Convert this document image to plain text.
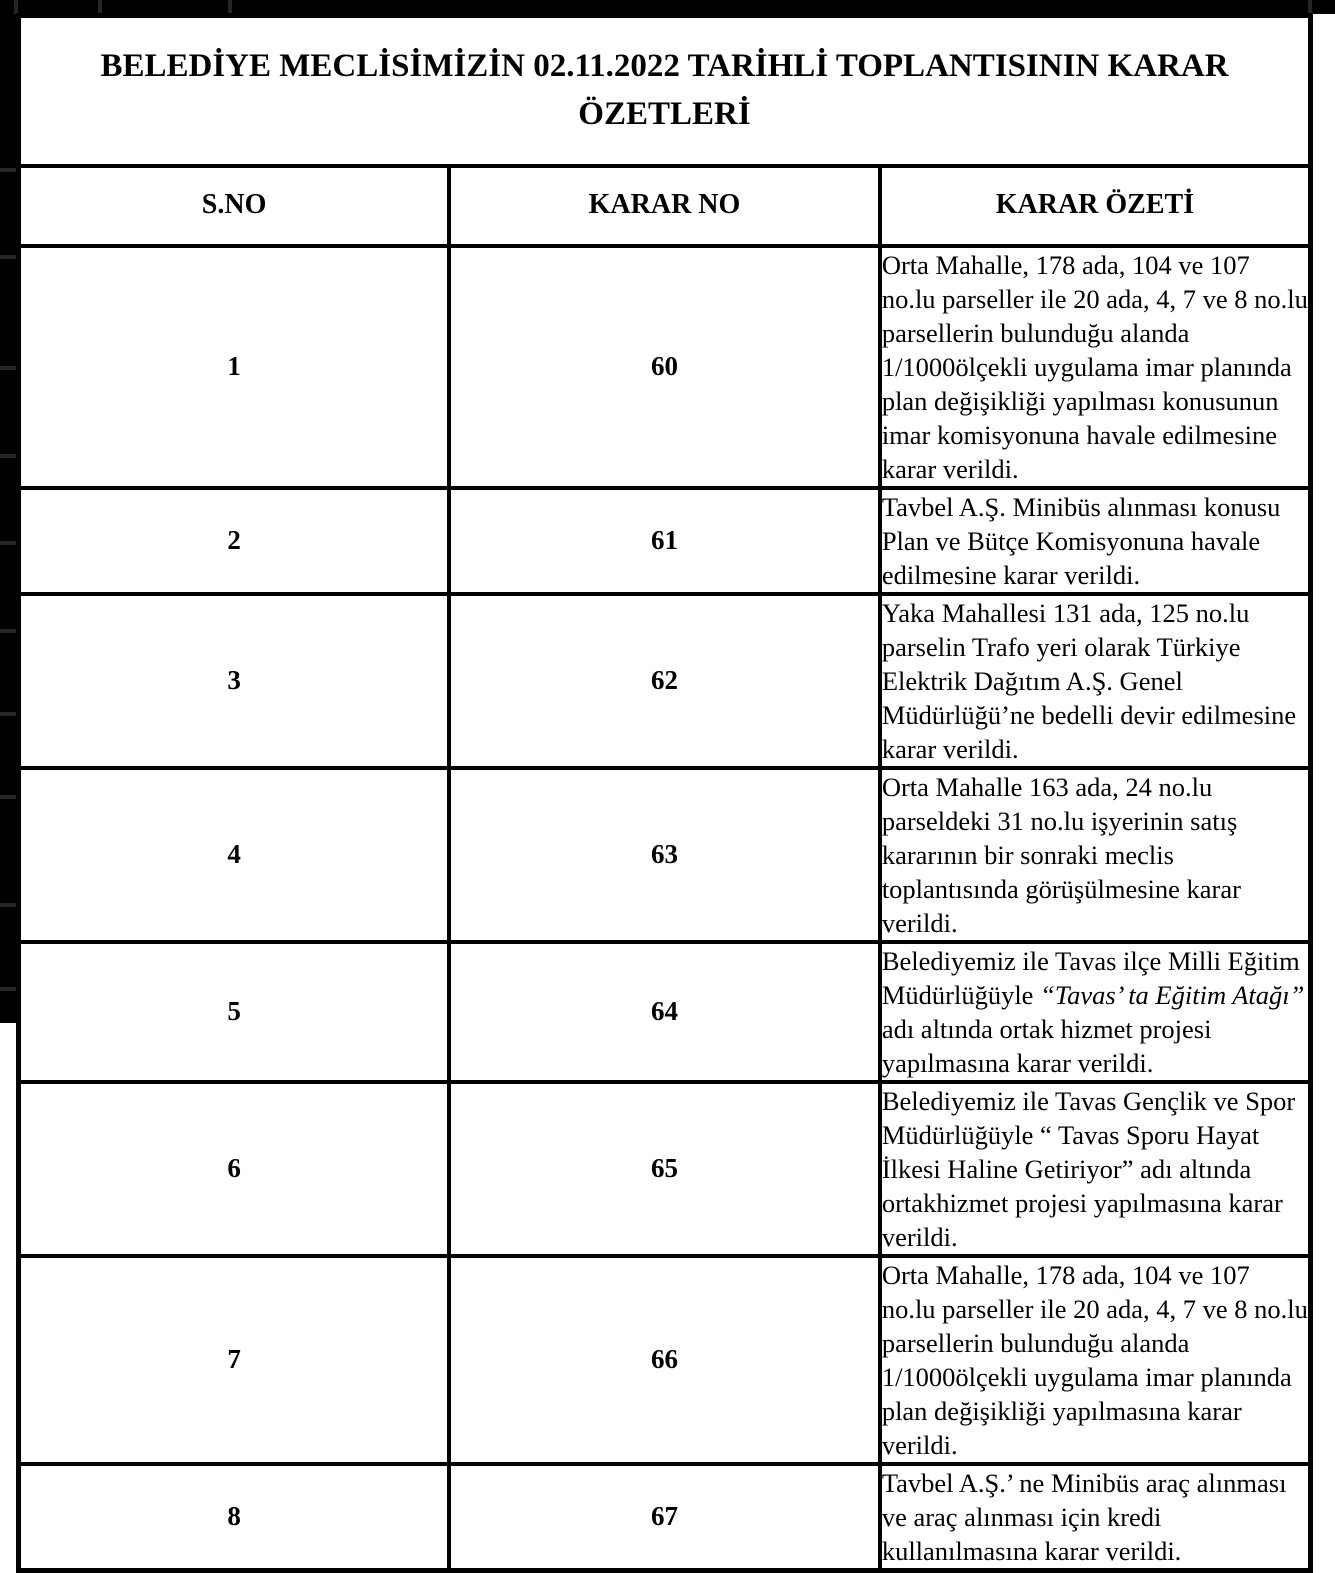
BELEDİYE MECLİSİMİZİN 02.11.2022 TARİHLİ TOPLANTISININ KARAR ÖZETLERİ		
S.NO	KARAR NO	KARAR ÖZETİ
1	60	Orta Mahalle, 178 ada, 104 ve 107 no.lu parseller ile 20 ada, 4, 7 ve 8 no.lu parsellerin bulunduğu alanda 1/1000ölçekli uygulama imar planında plan değişikliği yapılması konusunun imar komisyonuna havale edilmesine karar verildi.
2	61	Tavbel A.Ş. Minibüs alınması konusu Plan ve Bütçe Komisyonuna havale edilmesine karar verildi.
3	62	Yaka Mahallesi 131 ada, 125 no.lu parselin Trafo yeri olarak Türkiye Elektrik Dağıtım A.Ş. Genel Müdürlüğü’ne bedelli devir edilmesine karar verildi.
4	63	Orta Mahalle 163 ada, 24 no.lu parseldeki 31 no.lu işyerinin satış kararının bir sonraki meclis toplantısında görüşülmesine karar verildi.
5	64	Belediyemiz ile Tavas ilçe Milli Eğitim Müdürlüğüyle “Tavas’ ta Eğitim Atağı” adı altında ortak hizmet projesi yapılmasına karar verildi.
6	65	Belediyemiz ile Tavas Gençlik ve Spor Müdürlüğüyle “ Tavas Sporu Hayat İlkesi Haline Getiriyor” adı altında ortakhizmet projesi yapılmasına karar verildi.
7	66	Orta Mahalle, 178 ada, 104 ve 107 no.lu parseller ile 20 ada, 4, 7 ve 8 no.lu parsellerin bulunduğu alanda 1/1000ölçekli uygulama imar planında plan değişikliği yapılmasına karar verildi.
8	67	Tavbel A.Ş.’ ne Minibüs araç alınması ve araç alınması için kredi kullanılmasına karar verildi.
